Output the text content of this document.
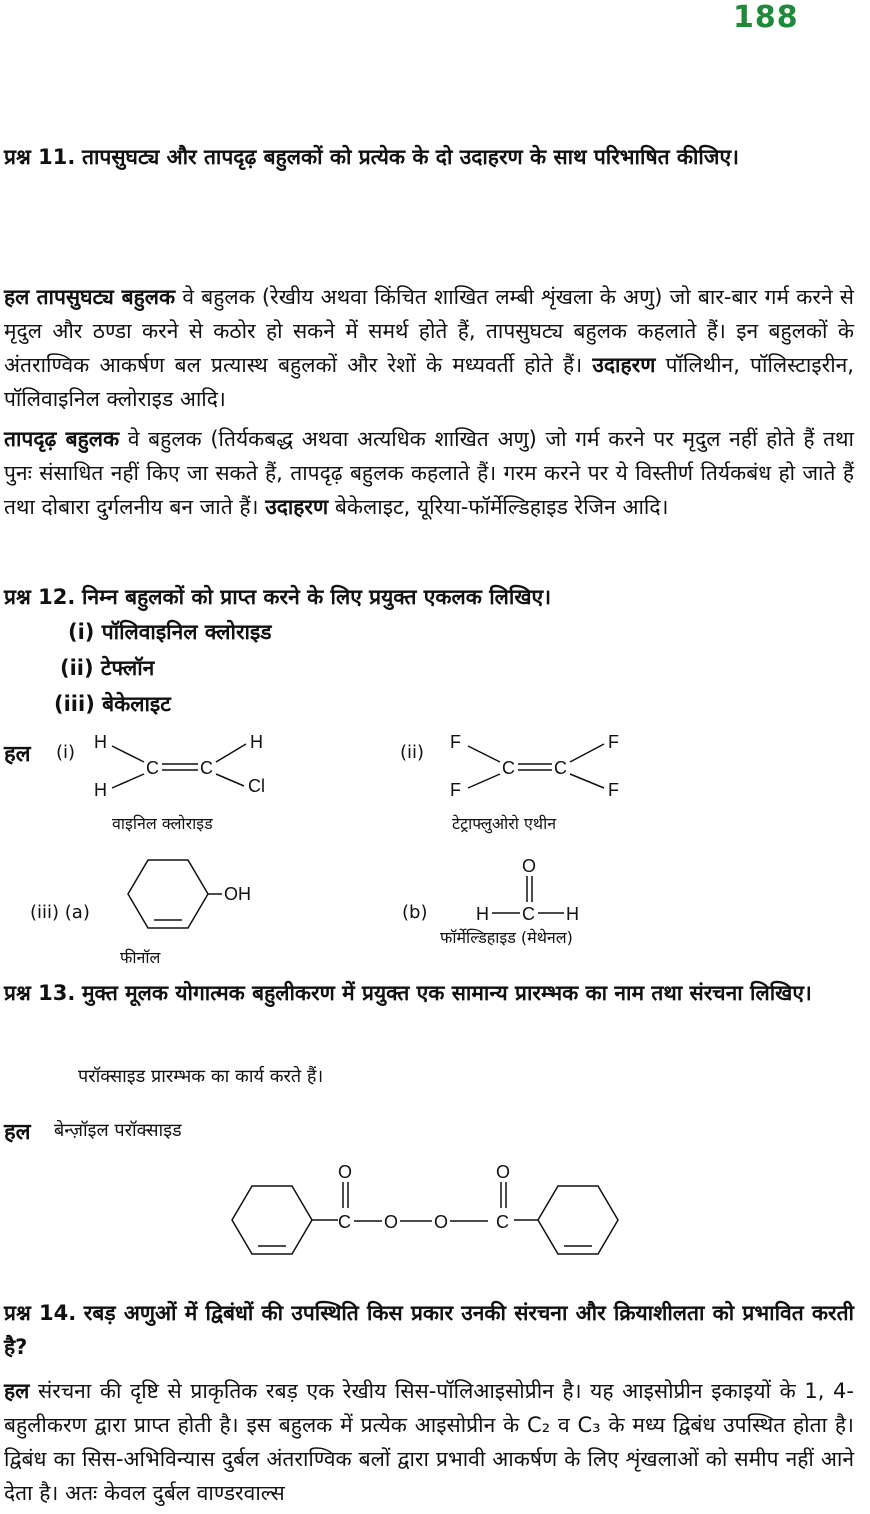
188
प्रश्न 11. तापसुघट्य और तापदृढ़ बहुलकों को प्रत्येक के दो उदाहरण के साथ परिभाषित कीजिए।
हल तापसुघट्य बहुलक वे बहुलक (रेखीय अथवा किंचित शाखित लम्बी शृंखला के अणु) जो बार-बार गर्म करने से मृदुल और ठण्डा करने से कठोर हो सकने में समर्थ होते हैं, तापसुघट्य बहुलक कहलाते हैं। इन बहुलकों के अंतराण्विक आकर्षण बल प्रत्यास्थ बहुलकों और रेशों के मध्यवर्ती होते हैं। उदाहरण पॉलिथीन, पॉलिस्टाइरीन, पॉलिवाइनिल क्लोराइड आदि।
तापदृढ़ बहुलक वे बहुलक (तिर्यकबद्ध अथवा अत्यधिक शाखित अणु) जो गर्म करने पर मृदुल नहीं होते हैं तथा पुनः संसाधित नहीं किए जा सकते हैं, तापदृढ़ बहुलक कहलाते हैं। गरम करने पर ये विस्तीर्ण तिर्यकबंध हो जाते हैं तथा दोबारा दुर्गलनीय बन जाते हैं। उदाहरण बेकेलाइट, यूरिया-फॉर्मेल्डिहाइड रेजिन आदि।
प्रश्न 12. निम्न बहुलकों को प्राप्त करने के लिए प्रयुक्त एकलक लिखिए।
(i) पॉलिवाइनिल क्लोराइड
(ii) टेफ्लॉन
(iii) बेकेलाइट
हल (i)	(ii)
H
H
C C
H
Cl
F
F
C C
F
F
वाइनिल क्लोराइड	टेट्राफ्लुओरो एथीन
(iii) (a)
OH
फीनॉल
(b)
O
H C H
फॉर्मेल्डिहाइड (मेथेनल)
प्रश्न 13. मुक्त मूलक योगात्मक बहुलीकरण में प्रयुक्त एक सामान्य प्रारम्भक का नाम तथा संरचना लिखिए।
परॉक्साइड प्रारम्भक का कार्य करते हैं।
हल बेन्ज़ॉइल परॉक्साइड
O
C O O
O
C
प्रश्न 14. रबड़ अणुओं में द्विबंधों की उपस्थिति किस प्रकार उनकी संरचना और क्रियाशीलता को प्रभावित करती है?
हल संरचना की दृष्टि से प्राकृतिक रबड़ एक रेखीय सिस-पॉलिआइसोप्रीन है। यह आइसोप्रीन इकाइयों के 1, 4-बहुलीकरण द्वारा प्राप्त होती है। इस बहुलक में प्रत्येक आइसोप्रीन के C₂ व C₃ के मध्य द्विबंध उपस्थित होता है। द्विबंध का सिस-अभिविन्यास दुर्बल अंतराण्विक बलों द्वारा प्रभावी आकर्षण के लिए शृंखलाओं को समीप नहीं आने देता है। अतः केवल दुर्बल वाण्डरवाल्स
